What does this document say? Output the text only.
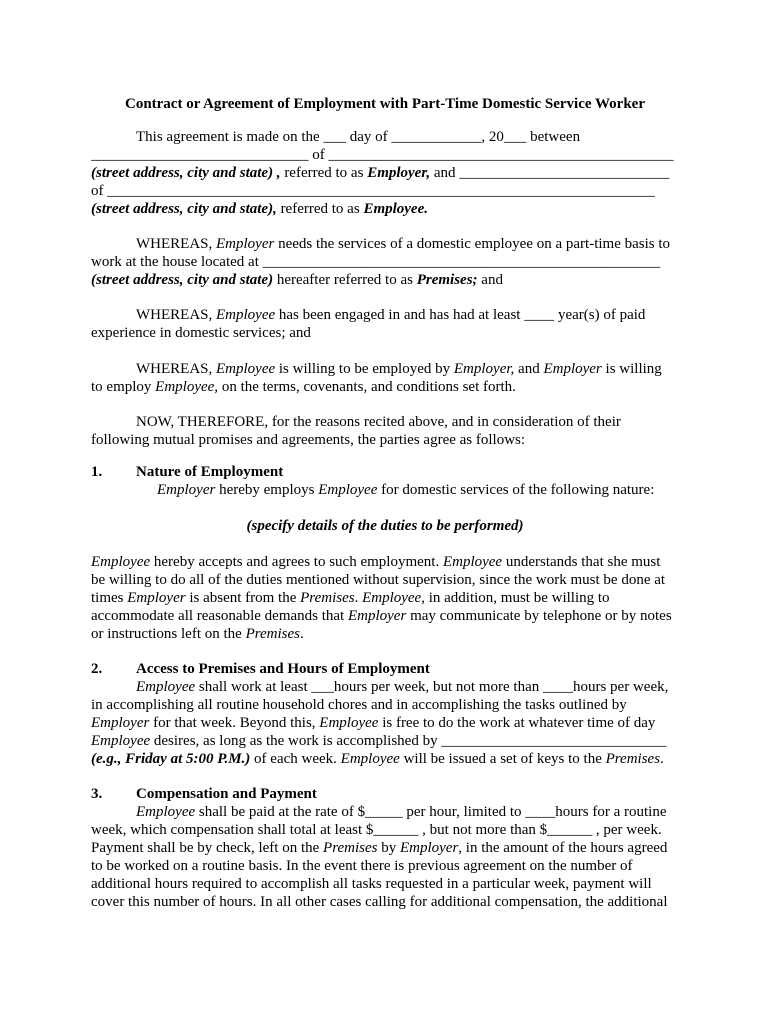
Contract or Agreement of Employment with Part-Time Domestic Service Worker
This agreement is made on the ___ day of ____________, 20___ between
_____________________________ of ______________________________________________
(street address, city and state) , referred to as Employer, and ____________________________
of _________________________________________________________________________
(street address, city and state), referred to as Employee.
WHEREAS, Employer needs the services of a domestic employee on a part-time basis to
work at the house located at _____________________________________________________
(street address, city and state) hereafter referred to as Premises; and
WHEREAS, Employee has been engaged in and has had at least ____ year(s) of paid
experience in domestic services; and
WHEREAS, Employee is willing to be employed by Employer, and Employer is willing
to employ Employee, on the terms, covenants, and conditions set forth.
NOW, THEREFORE, for the reasons recited above, and in consideration of their
following mutual promises and agreements, the parties agree as follows:
1. Nature of Employment
Employer hereby employs Employee for domestic services of the following nature:
(specify details of the duties to be performed)
Employee hereby accepts and agrees to such employment. Employee understands that she must
be willing to do all of the duties mentioned without supervision, since the work must be done at
times Employer is absent from the Premises. Employee, in addition, must be willing to
accommodate all reasonable demands that Employer may communicate by telephone or by notes
or instructions left on the Premises.
2. Access to Premises and Hours of Employment
Employee shall work at least ___hours per week, but not more than ____hours per week,
in accomplishing all routine household chores and in accomplishing the tasks outlined by
Employer for that week. Beyond this, Employee is free to do the work at whatever time of day
Employee desires, as long as the work is accomplished by ______________________________
(e.g., Friday at 5:00 P.M.) of each week. Employee will be issued a set of keys to the Premises.
3. Compensation and Payment
Employee shall be paid at the rate of $_____ per hour, limited to ____hours for a routine
week, which compensation shall total at least $______ , but not more than $______ , per week.
Payment shall be by check, left on the Premises by Employer, in the amount of the hours agreed
to be worked on a routine basis. In the event there is previous agreement on the number of
additional hours required to accomplish all tasks requested in a particular week, payment will
cover this number of hours. In all other cases calling for additional compensation, the additional
